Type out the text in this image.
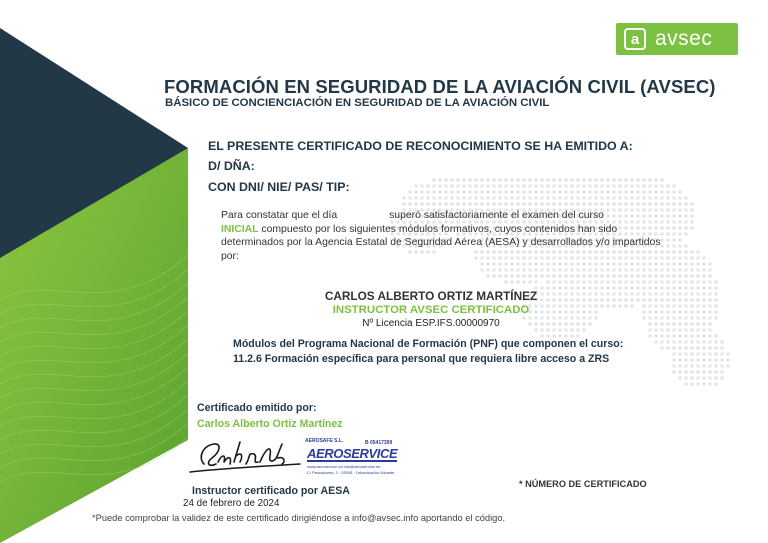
a avsec
FORMACIÓN EN SEGURIDAD DE LA AVIACIÓN CIVIL (AVSEC)
BÁSICO DE CONCIENCIACIÓN EN SEGURIDAD DE LA AVIACIÓN CIVIL
EL PRESENTE CERTIFICADO DE RECONOCIMIENTO SE HA EMITIDO A:
D/ DÑA:
CON DNI/ NIE/ PAS/ TIP:
Para constatar que el día	superó satisfactoriamente el examen del curso
INICIAL compuesto por los siguientes módulos formativos, cuyos contenidos han sido determinados por la Agencia Estatal de Seguridad Aérea (AESA) y desarrollados y/o impartidos por:
CARLOS ALBERTO ORTIZ MARTÍNEZ
INSTRUCTOR AVSEC CERTIFICADO
Nº Licencia ESP.IFS.00000970
Módulos del Programa Nacional de Formación (PNF) que componen el curso:
11.2.6 Formación específica para personal que requiera libre acceso a ZRS
Certificado emitido por:
Carlos Alberto Ortiz Martínez
AEROSAFE S.L.	B 05417399
AEROSERVICE
www.aeroservice.es info@aeroservice.es
C/ Pescadores, 3 · 03005 · Urbanización Alicante
Instructor certificado por AESA
24 de febrero de 2024
* NÚMERO DE CERTIFICADO
*Puede comprobar la validez de este certificado dirigiéndose a info@avsec.info aportando el código.
